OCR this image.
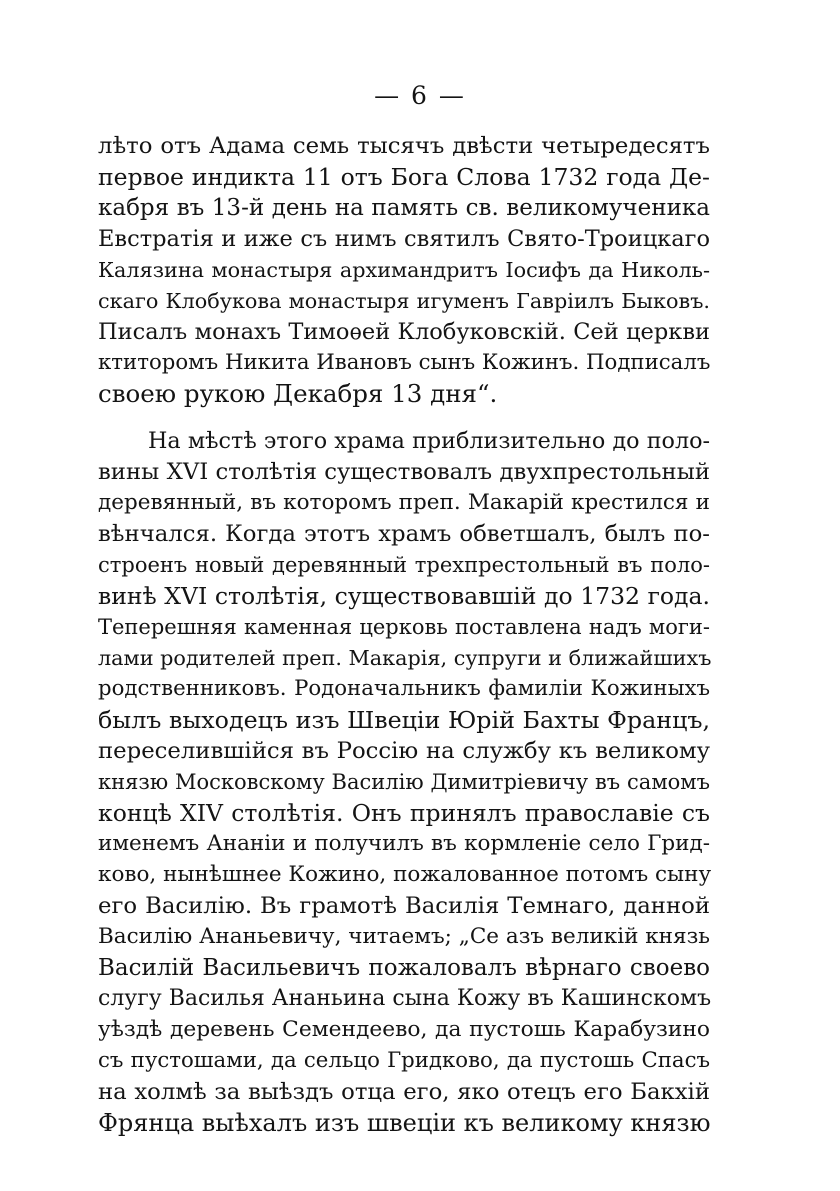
— 6 —
лѣто отъ Адама семь тысячъ двѣсти четыредесятъ
первое индикта 11 отъ Бога Слова 1732 года Де-
кабря въ 13-й день на память св. великомученика
Евстратія и иже съ нимъ святилъ Свято-Троицкаго
Калязина монастыря архимандритъ Іосифъ да Николь-
скаго Клобукова монастыря игуменъ Гавріилъ Быковъ.
Писалъ монахъ Тимоѳей Клобуковскій. Сей церкви
ктиторомъ Никита Ивановъ сынъ Кожинъ. Подписалъ
своею рукою Декабря 13 дня“.
На мѣстѣ этого храма приблизительно до поло-
вины XVI столѣтія существовалъ двухпрестольный
деревянный, въ которомъ преп. Макарій крестился и
вѣнчался. Когда этотъ храмъ обветшалъ, былъ по-
строенъ новый деревянный трехпрестольный въ поло-
винѣ XVI столѣтія, существовавшій до 1732 года.
Теперешняя каменная церковь поставлена надъ моги-
лами родителей преп. Макарія, супруги и ближайшихъ
родственниковъ. Родоначальникъ фамиліи Кожиныхъ
былъ выходецъ изъ Швеціи Юрій Бахты Францъ,
переселившійся въ Россію на службу къ великому
князю Московскому Василію Димитріевичу въ самомъ
концѣ XIV столѣтія. Онъ принялъ православіе съ
именемъ Ананіи и получилъ въ кормленіе село Грид-
ково, нынѣшнее Кожино, пожалованное потомъ сыну
его Василію. Въ грамотѣ Василія Темнаго, данной
Василію Ананьевичу, читаемъ; „Се азъ великій князь
Василій Васильевичъ пожаловалъ вѣрнаго своево
слугу Василья Ананьина сына Кожу въ Кашинскомъ
уѣздѣ деревень Семендеево, да пустошь Карабузино
съ пустошами, да сельцо Гридково, да пустошь Спасъ
на холмѣ за выѣздъ отца его, яко отецъ его Бакхій
Фрянца выѣхалъ изъ швеціи къ великому князю
